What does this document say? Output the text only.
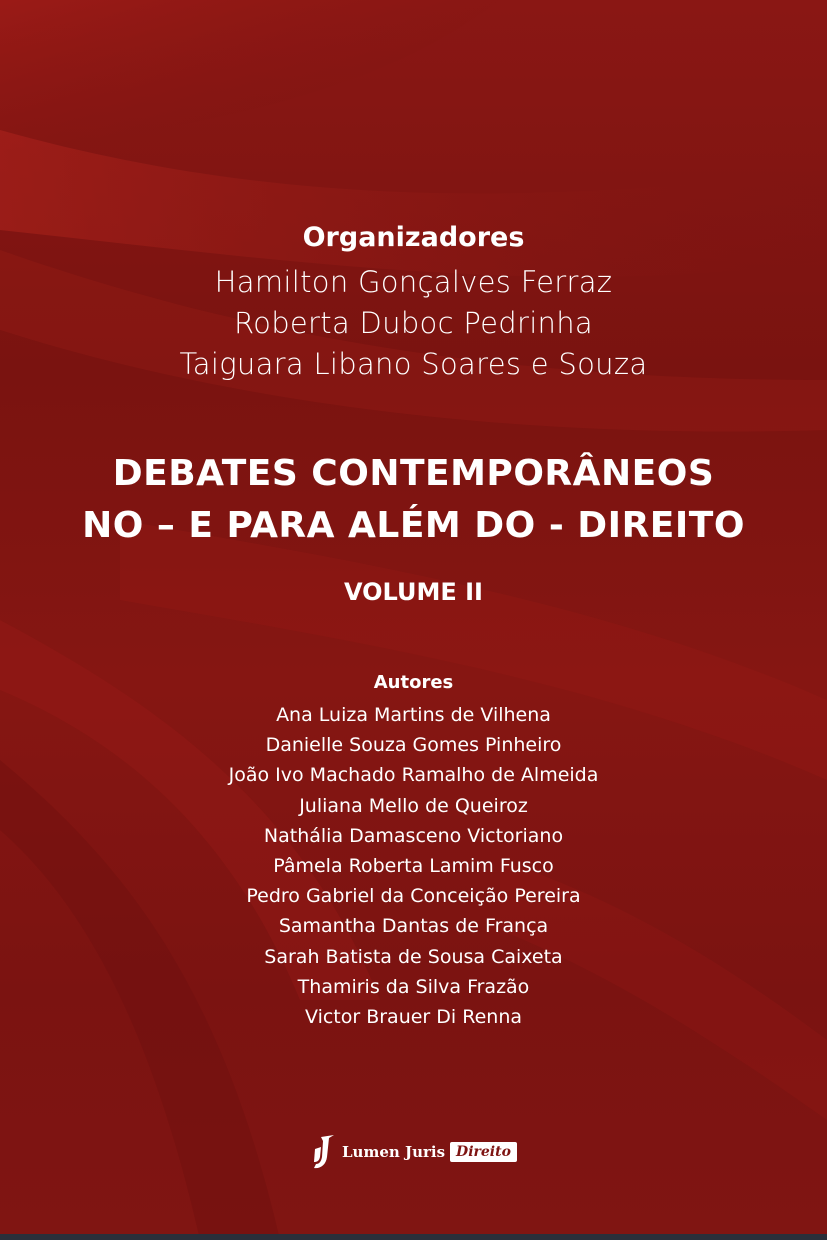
Organizadores
Hamilton Gonçalves Ferraz
Roberta Duboc Pedrinha
Taiguara Libano Soares e Souza
DEBATES CONTEMPORÂNEOS
NO – E PARA ALÉM DO - DIREITO
VOLUME II
Autores
Ana Luiza Martins de Vilhena
Danielle Souza Gomes Pinheiro
João Ivo Machado Ramalho de Almeida
Juliana Mello de Queiroz
Nathália Damasceno Victoriano
Pâmela Roberta Lamim Fusco
Pedro Gabriel da Conceição Pereira
Samantha Dantas de França
Sarah Batista de Sousa Caixeta
Thamiris da Silva Frazão
Victor Brauer Di Renna
Lumen Juris Direito
